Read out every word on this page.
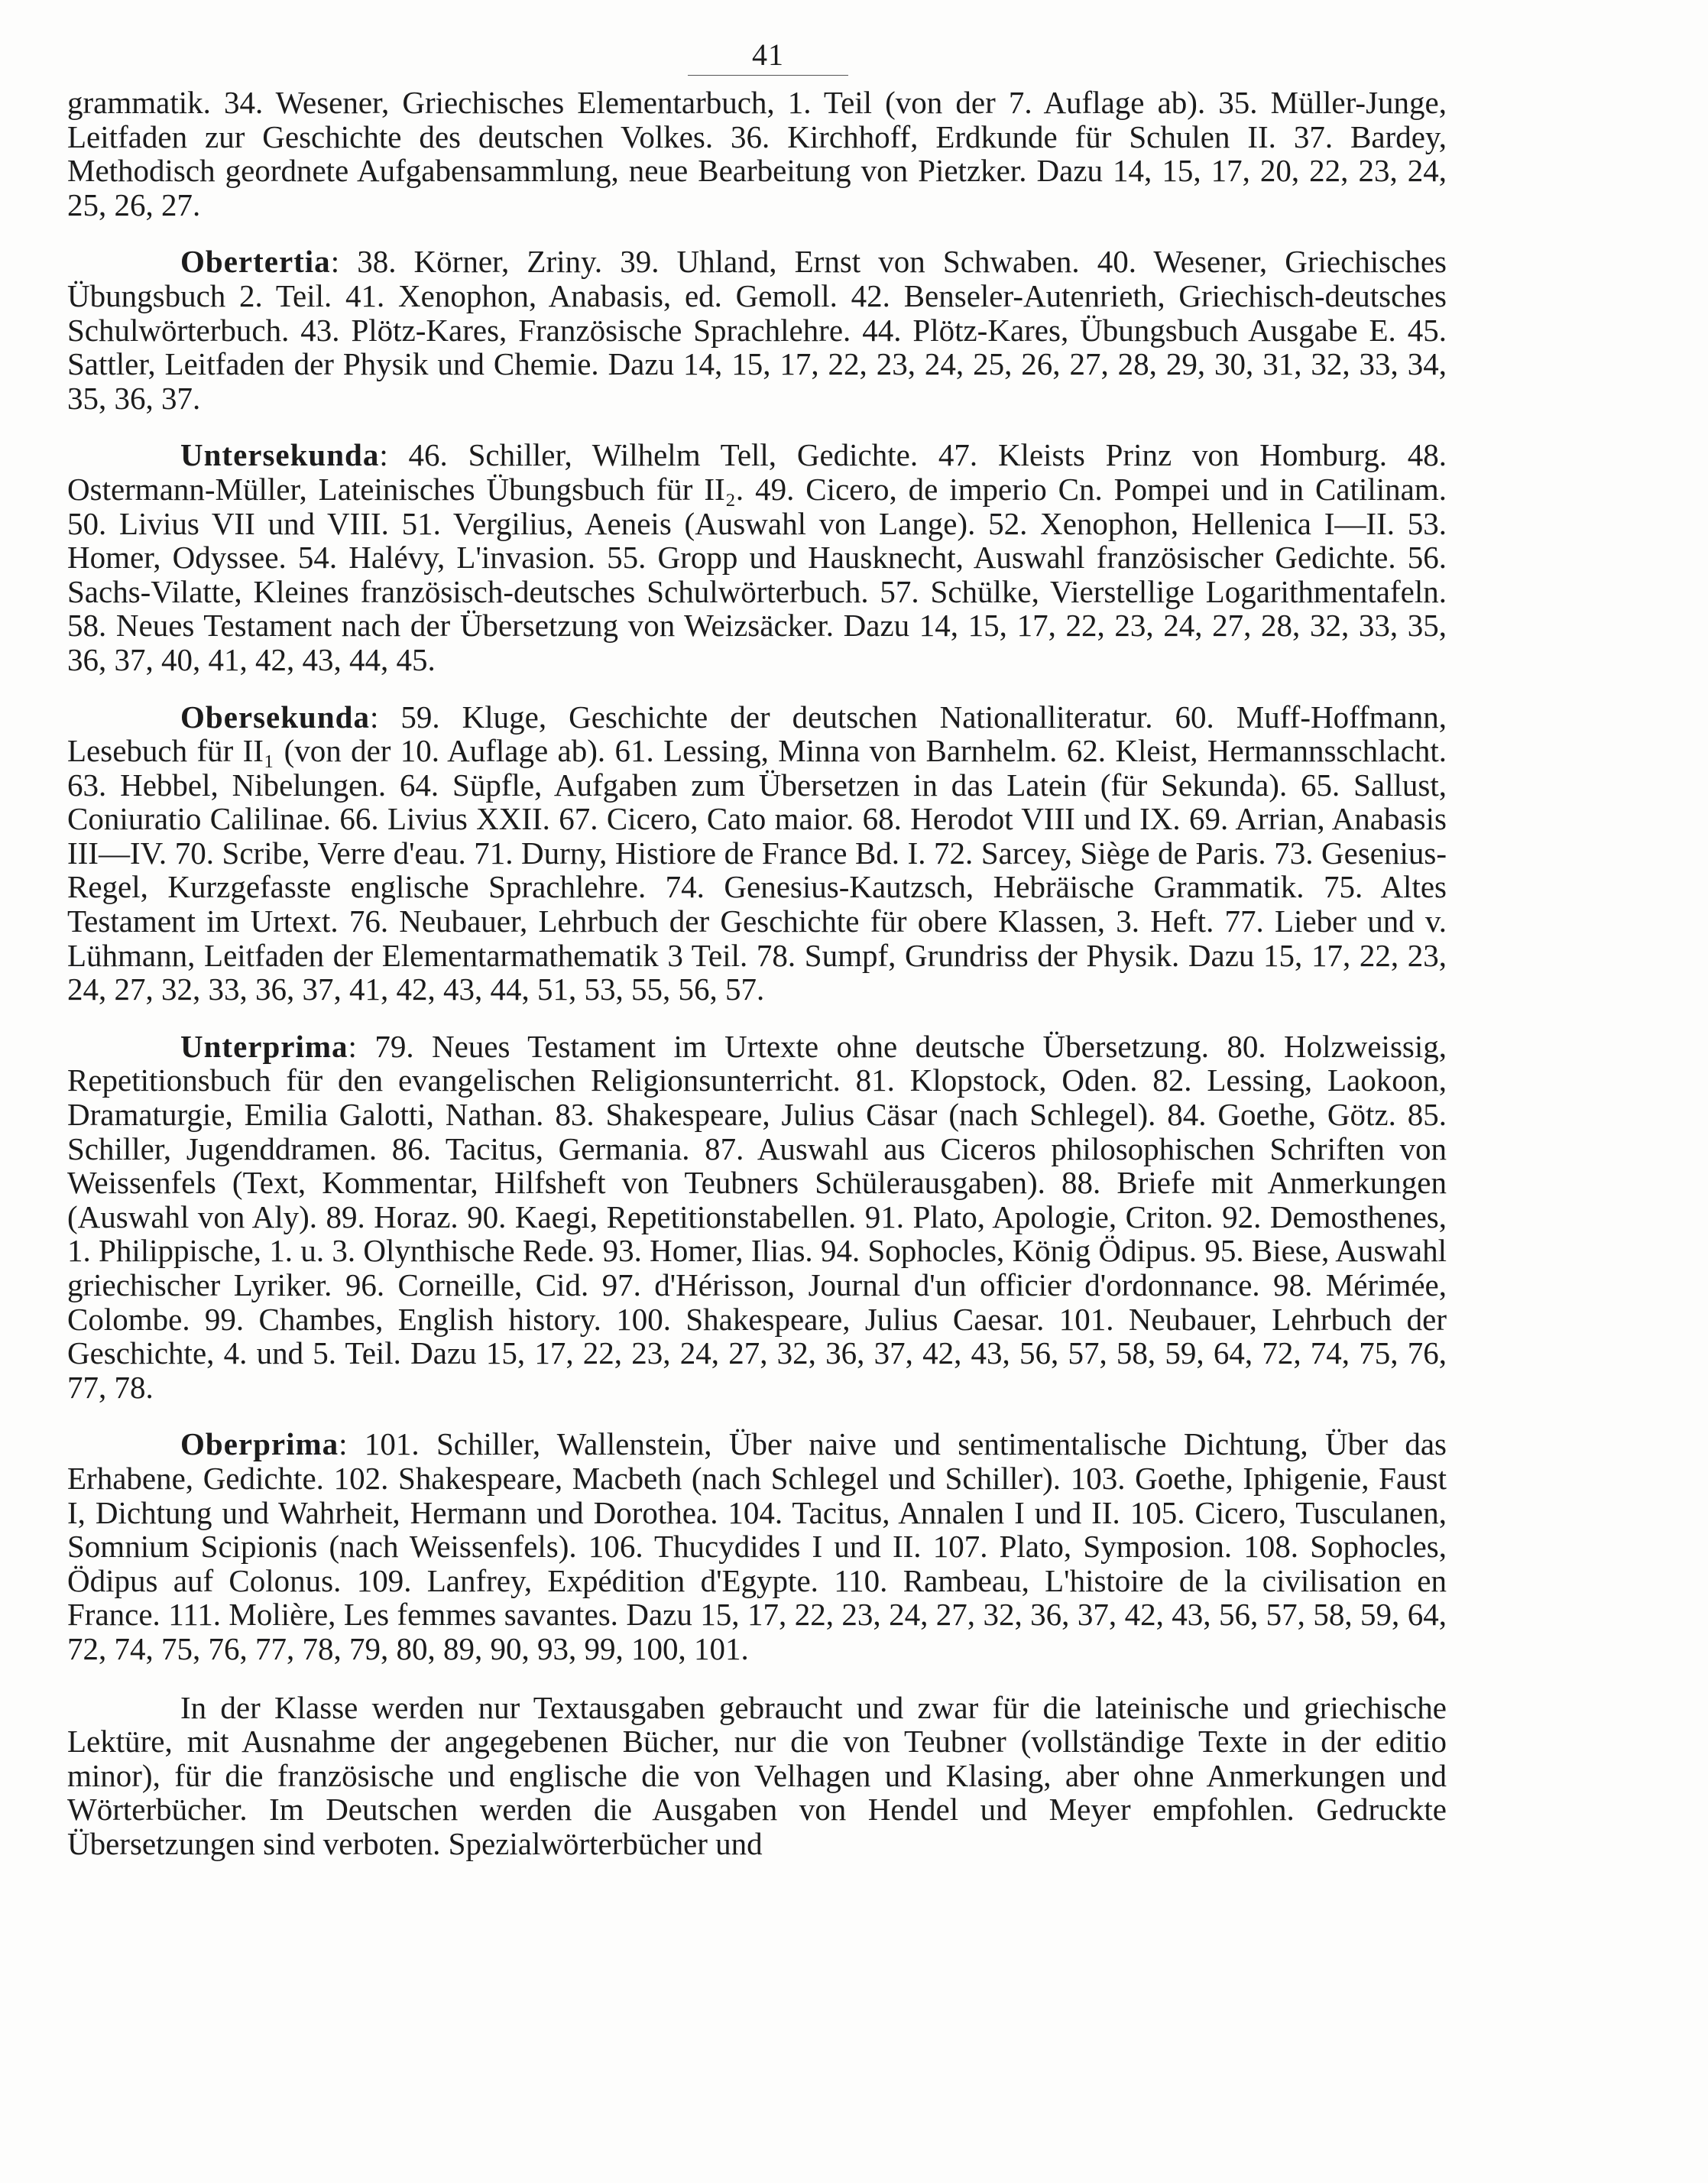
41

grammatik. 34. Wesener, Griechisches Elementarbuch, 1. Teil (von der 7. Auflage ab). 35. Müller-Junge, Leitfaden zur Geschichte des deutschen Volkes. 36. Kirchhoff, Erdkunde für Schulen II. 37. Bardey, Methodisch geordnete Aufgabensammlung, neue Bearbeitung von Pietzker. Dazu 14, 15, 17, 20, 22, 23, 24, 25, 26, 27.

Obertertia: 38. Körner, Zriny. 39. Uhland, Ernst von Schwaben. 40. Wesener, Griechisches Übungsbuch 2. Teil. 41. Xenophon, Anabasis, ed. Gemoll. 42. Benseler-Autenrieth, Griechisch-deutsches Schulwörterbuch. 43. Plötz-Kares, Französische Sprachlehre. 44. Plötz-Kares, Übungsbuch Ausgabe E. 45. Sattler, Leitfaden der Physik und Chemie. Dazu 14, 15, 17, 22, 23, 24, 25, 26, 27, 28, 29, 30, 31, 32, 33, 34, 35, 36, 37.

Untersekunda: 46. Schiller, Wilhelm Tell, Gedichte. 47. Kleists Prinz von Homburg. 48. Ostermann-Müller, Lateinisches Übungsbuch für II₂. 49. Cicero, de imperio Cn. Pompei und in Catilinam. 50. Livius VII und VIII. 51. Vergilius, Aeneis (Auswahl von Lange). 52. Xenophon, Hellenica I—II. 53. Homer, Odyssee. 54. Halévy, L'invasion. 55. Gropp und Hausknecht, Auswahl französischer Gedichte. 56. Sachs-Vilatte, Kleines französisch-deutsches Schulwörterbuch. 57. Schülke, Vierstellige Logarithmentafeln. 58. Neues Testament nach der Übersetzung von Weizsäcker. Dazu 14, 15, 17, 22, 23, 24, 27, 28, 32, 33, 35, 36, 37, 40, 41, 42, 43, 44, 45.

Obersekunda: 59. Kluge, Geschichte der deutschen Nationalliteratur. 60. Muff-Hoffmann, Lesebuch für II₁ (von der 10. Auflage ab). 61. Lessing, Minna von Barnhelm. 62. Kleist, Hermannsschlacht. 63. Hebbel, Nibelungen. 64. Süpfle, Aufgaben zum Übersetzen in das Latein (für Sekunda). 65. Sallust, Coniuratio Calilinae. 66. Livius XXII. 67. Cicero, Cato maior. 68. Herodot VIII und IX. 69. Arrian, Anabasis III—IV. 70. Scribe, Verre d'eau. 71. Durny, Histiore de France Bd. I. 72. Sarcey, Siège de Paris. 73. Gesenius-Regel, Kurzgefasste englische Sprachlehre. 74. Genesius-Kautzsch, Hebräische Grammatik. 75. Altes Testament im Urtext. 76. Neubauer, Lehrbuch der Geschichte für obere Klassen, 3. Heft. 77. Lieber und v. Lühmann, Leitfaden der Elementarmathematik 3 Teil. 78. Sumpf, Grundriss der Physik. Dazu 15, 17, 22, 23, 24, 27, 32, 33, 36, 37, 41, 42, 43, 44, 51, 53, 55, 56, 57.

Unterprima: 79. Neues Testament im Urtexte ohne deutsche Übersetzung. 80. Holzweissig, Repetitionsbuch für den evangelischen Religionsunterricht. 81. Klopstock, Oden. 82. Lessing, Laokoon, Dramaturgie, Emilia Galotti, Nathan. 83. Shakespeare, Julius Cäsar (nach Schlegel). 84. Goethe, Götz. 85. Schiller, Jugenddramen. 86. Tacitus, Germania. 87. Auswahl aus Ciceros philosophischen Schriften von Weissenfels (Text, Kommentar, Hilfsheft von Teubners Schülerausgaben). 88. Briefe mit Anmerkungen (Auswahl von Aly). 89. Horaz. 90. Kaegi, Repetitionstabellen. 91. Plato, Apologie, Criton. 92. Demosthenes, 1. Philippische, 1. u. 3. Olynthische Rede. 93. Homer, Ilias. 94. Sophocles, König Ödipus. 95. Biese, Auswahl griechischer Lyriker. 96. Corneille, Cid. 97. d'Hérisson, Journal d'un officier d'ordonnance. 98. Mérimée, Colombe. 99. Chambes, English history. 100. Shakespeare, Julius Caesar. 101. Neubauer, Lehrbuch der Geschichte, 4. und 5. Teil. Dazu 15, 17, 22, 23, 24, 27, 32, 36, 37, 42, 43, 56, 57, 58, 59, 64, 72, 74, 75, 76, 77, 78.

Oberprima: 101. Schiller, Wallenstein, Über naive und sentimentalische Dichtung, Über das Erhabene, Gedichte. 102. Shakespeare, Macbeth (nach Schlegel und Schiller). 103. Goethe, Iphigenie, Faust I, Dichtung und Wahrheit, Hermann und Dorothea. 104. Tacitus, Annalen I und II. 105. Cicero, Tusculanen, Somnium Scipionis (nach Weissenfels). 106. Thucydides I und II. 107. Plato, Symposion. 108. Sophocles, Ödipus auf Colonus. 109. Lanfrey, Expédition d'Egypte. 110. Rambeau, L'histoire de la civilisation en France. 111. Molière, Les femmes savantes. Dazu 15, 17, 22, 23, 24, 27, 32, 36, 37, 42, 43, 56, 57, 58, 59, 64, 72, 74, 75, 76, 77, 78, 79, 80, 89, 90, 93, 99, 100, 101.

In der Klasse werden nur Textausgaben gebraucht und zwar für die lateinische und griechische Lektüre, mit Ausnahme der angegebenen Bücher, nur die von Teubner (vollständige Texte in der editio minor), für die französische und englische die von Velhagen und Klasing, aber ohne Anmerkungen und Wörterbücher. Im Deutschen werden die Ausgaben von Hendel und Meyer empfohlen. Gedruckte Übersetzungen sind verboten. Spezialwörterbücher und
